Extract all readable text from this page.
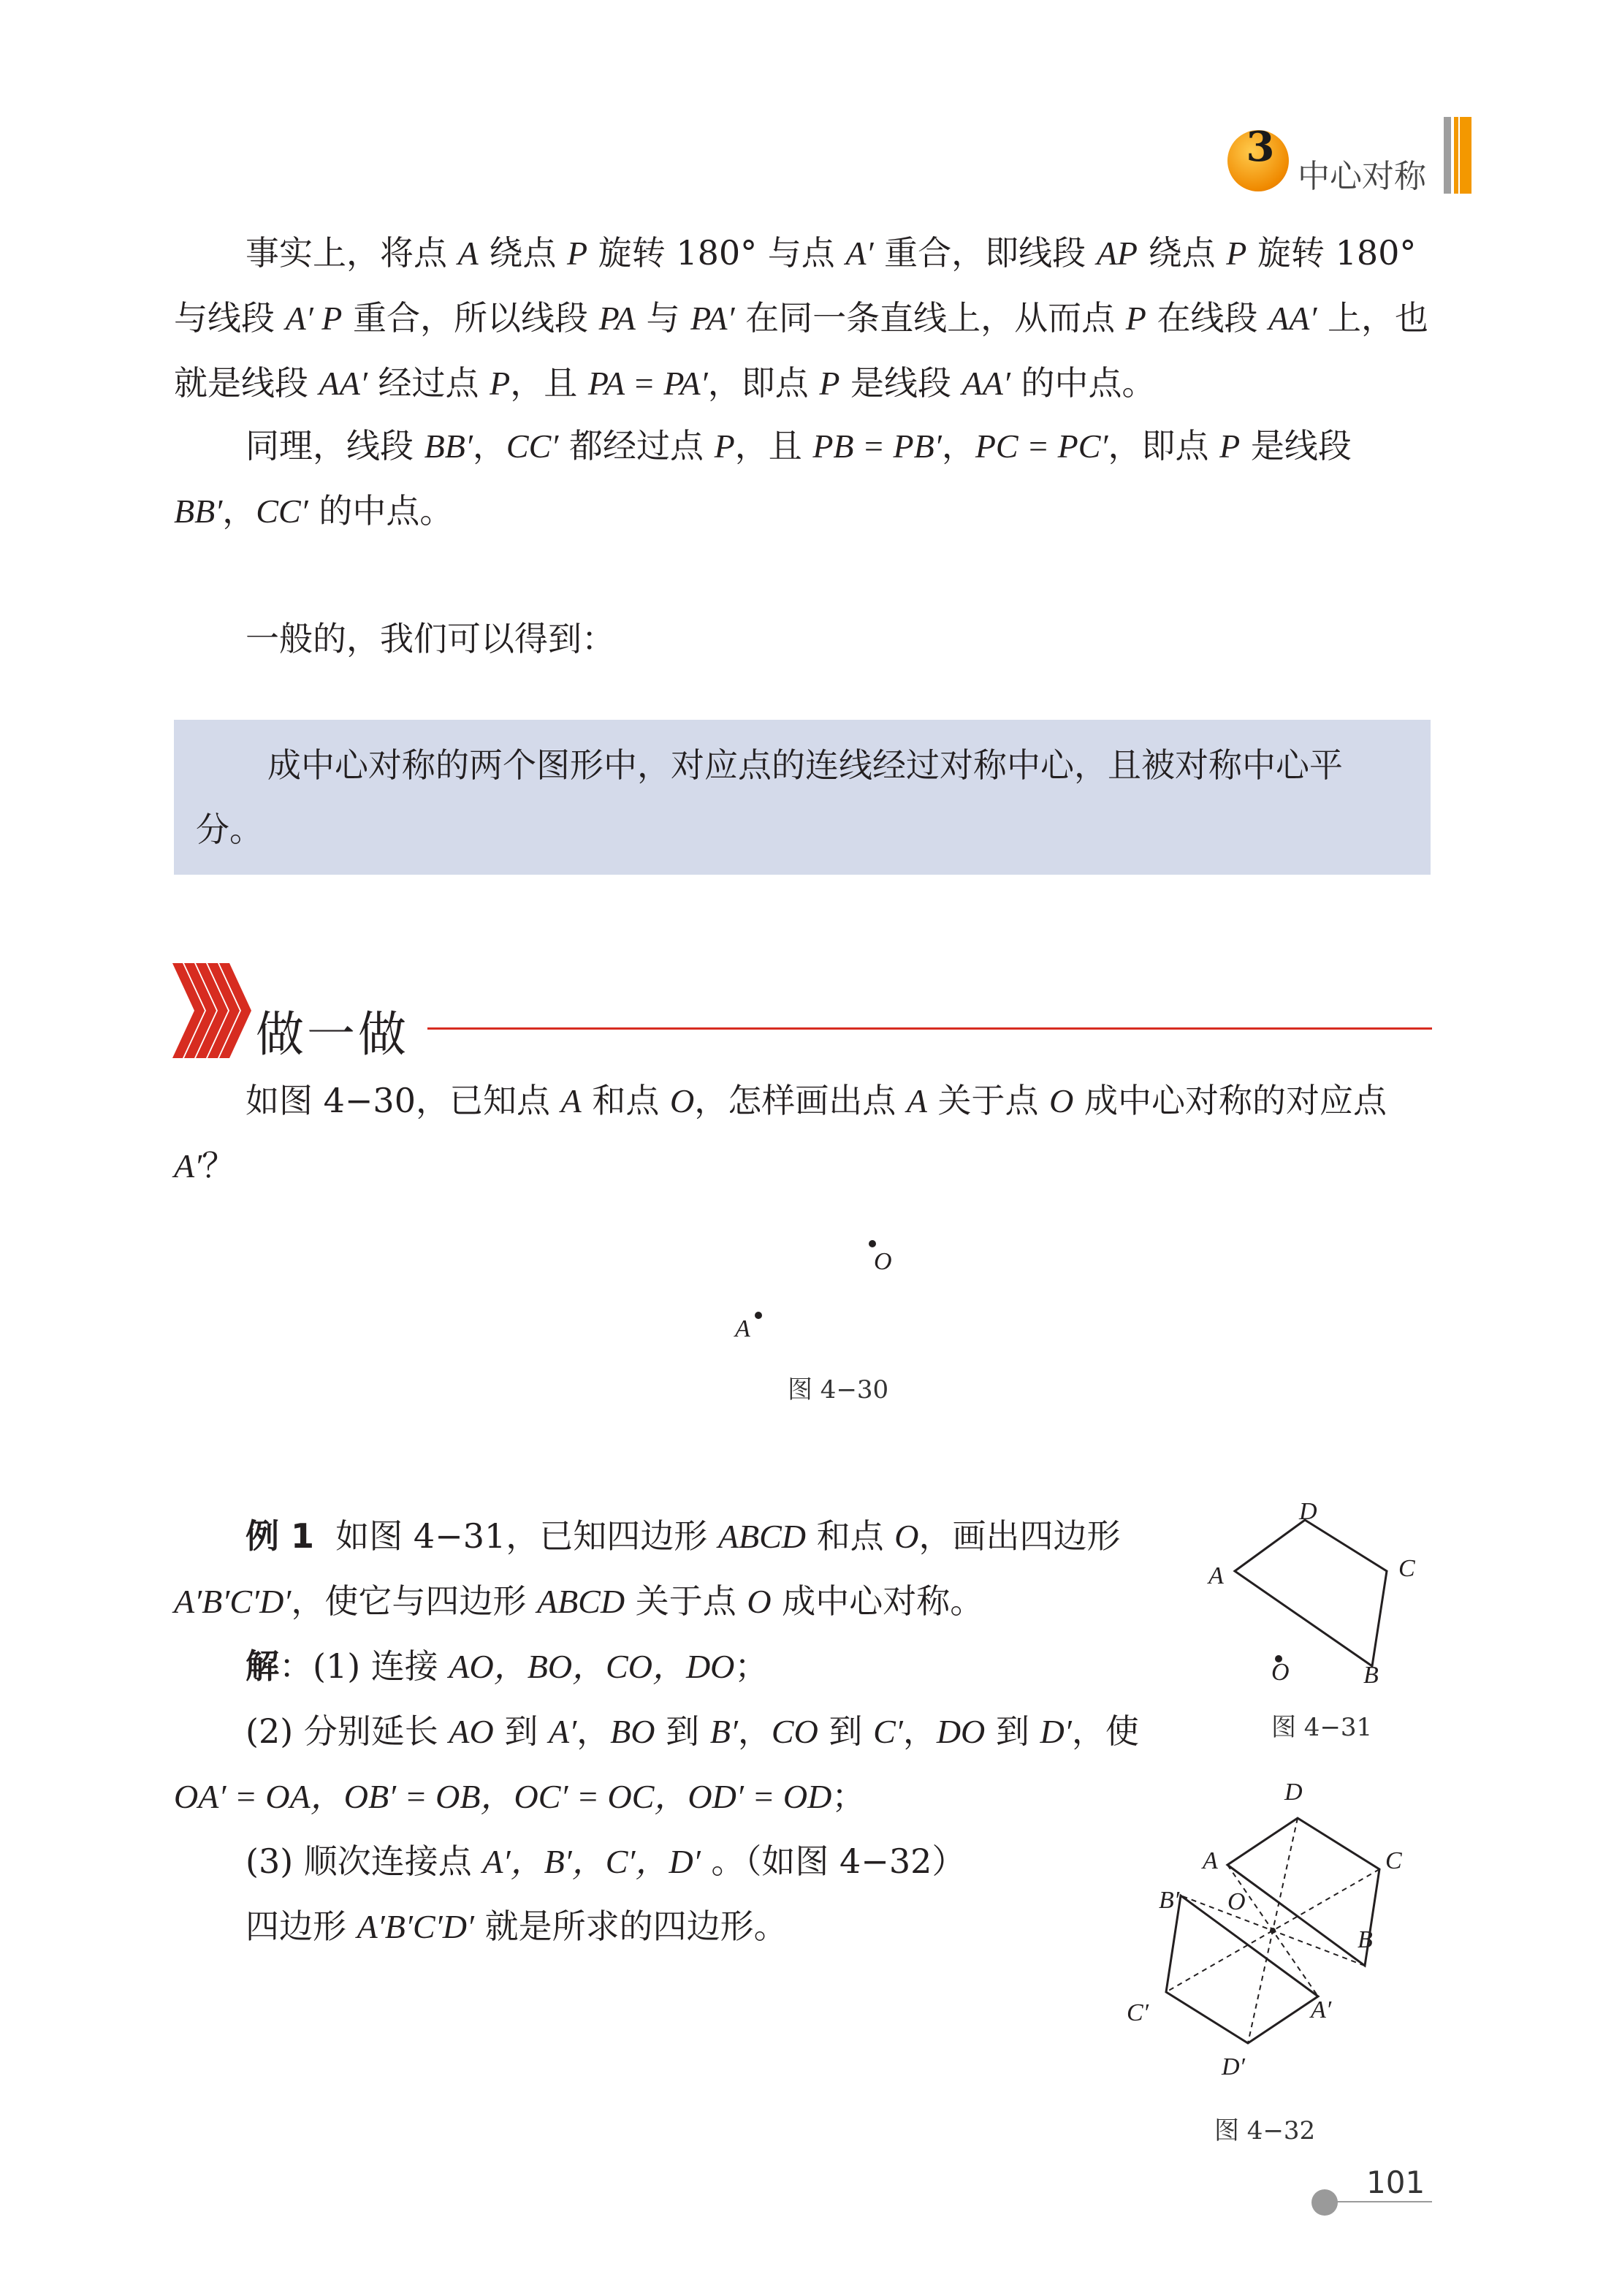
3
中心对称

事实上，将点 A 绕点 P 旋转 180° 与点 A′ 重合，即线段 AP 绕点 P 旋转 180° 与线段 A′ P 重合，所以线段 PA 与 PA′ 在同一条直线上，从而点 P 在线段 AA′ 上，也就是线段 AA′ 经过点 P，且 PA = PA′，即点 P 是线段 AA′ 的中点。

同理，线段 BB′，CC′ 都经过点 P，且 PB = PB′，PC = PC′，即点 P 是线段 BB′，CC′ 的中点。

一般的，我们可以得到：

成中心对称的两个图形中，对应点的连线经过对称中心，且被对称中心平分。

做一做

如图 4−30，已知点 A 和点 O，怎样画出点 A 关于点 O 成中心对称的对应点 A′？

O
A
图 4−30
例 1 如图 4−31，已知四边形 ABCD 和点 O，画出四边形 A′B′C′D′，使它与四边形 ABCD 关于点 O 成中心对称。
解：(1) 连接 AO，BO，CO，DO；
(2) 分别延长 AO 到 A′，BO 到 B′，CO 到 C′，DO 到 D′，使 OA′ = OA，OB′ = OB，OC′ = OC，OD′ = OD；
(3) 顺次连接点 A′，B′，C′，D′ 。（如图 4−32）
四边形 A′B′C′D′ 就是所求的四边形。
D
A	C
O	B
图 4−31
D
A	C
B′ O
B
C′	A′
D′
图 4−32
101
